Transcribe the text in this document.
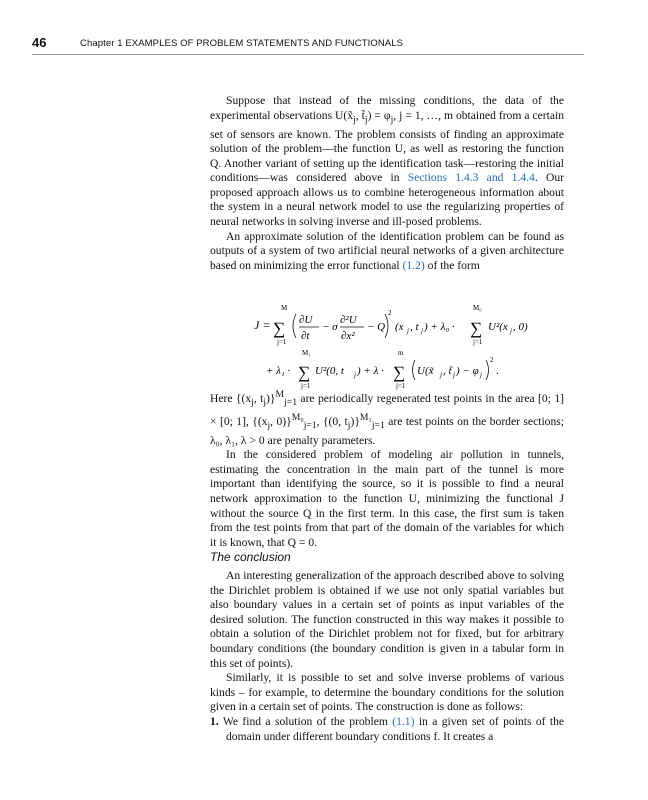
46	Chapter 1 EXAMPLES OF PROBLEM STATEMENTS AND FUNCTIONALS

Suppose that instead of the missing conditions, the data of the experimental observations $U(x̃_j$, $t̃_j) = \varphi_j$, j = 1, …, m obtained from a certain set of sensors are known. The problem consists of finding an approximate solution of the problem—the function U, as well as restoring the function Q. Another variant of setting up the identification task—restoring the initial conditions—was considered above in Sections 1.4.3 and 1.4.4. Our proposed approach allows us to combine heterogeneous information about the system in a neural network model to use the regularizing properties of neural networks in solving inverse and ill-posed problems.

An approximate solution of the identification problem can be found as outputs of a system of two artificial neural networks of a given architecture based on minimizing the error functional (1.2) of the form

J =
M
∑
j=1
∂U
∂t
− σ
∂²U
∂x²
− Q
2
(x j , t j ) + λ₀ ·
M₀
∑
j=1
U²(x j , 0)
+ λ₁ ·
M₁
∑
j=1
U²(0, t j ) + λ ·
m
∑
j=1
U(x̃ j , t̃ j ) − φ j
2
.

Here {($x_j$, $t_j)\}^M_{j=1}$ are periodically regenerated test points in the area [0; 1] × [0; 1], {($x_j$, 0)}$^{M_0}_{j=1}$, {(0, $t_j)\}^{M_1}_{j=1}$ are test points on the border sections; λ₀, λ₁, λ > 0 are penalty parameters.

In the considered problem of modeling air pollution in tunnels, estimating the concentration in the main part of the tunnel is more important than identifying the source, so it is possible to find a neural network approximation to the function U, minimizing the functional J without the source Q in the first term. In this case, the first sum is taken from the test points from that part of the domain of the variables for which it is known, that Q = 0.

The conclusion

An interesting generalization of the approach described above to solving the Dirichlet problem is obtained if we use not only spatial variables but also boundary values in a certain set of points as input variables of the desired solution. The function constructed in this way makes it possible to obtain a solution of the Dirichlet problem not for fixed, but for arbitrary boundary conditions (the boundary condition is given in a tabular form in this set of points).

Similarly, it is possible to set and solve inverse problems of various kinds – for example, to determine the boundary conditions for the solution given in a certain set of points. The construction is done as follows:

1. We find a solution of the problem (1.1) in a given set of points of the domain under different boundary conditions f. It creates a
